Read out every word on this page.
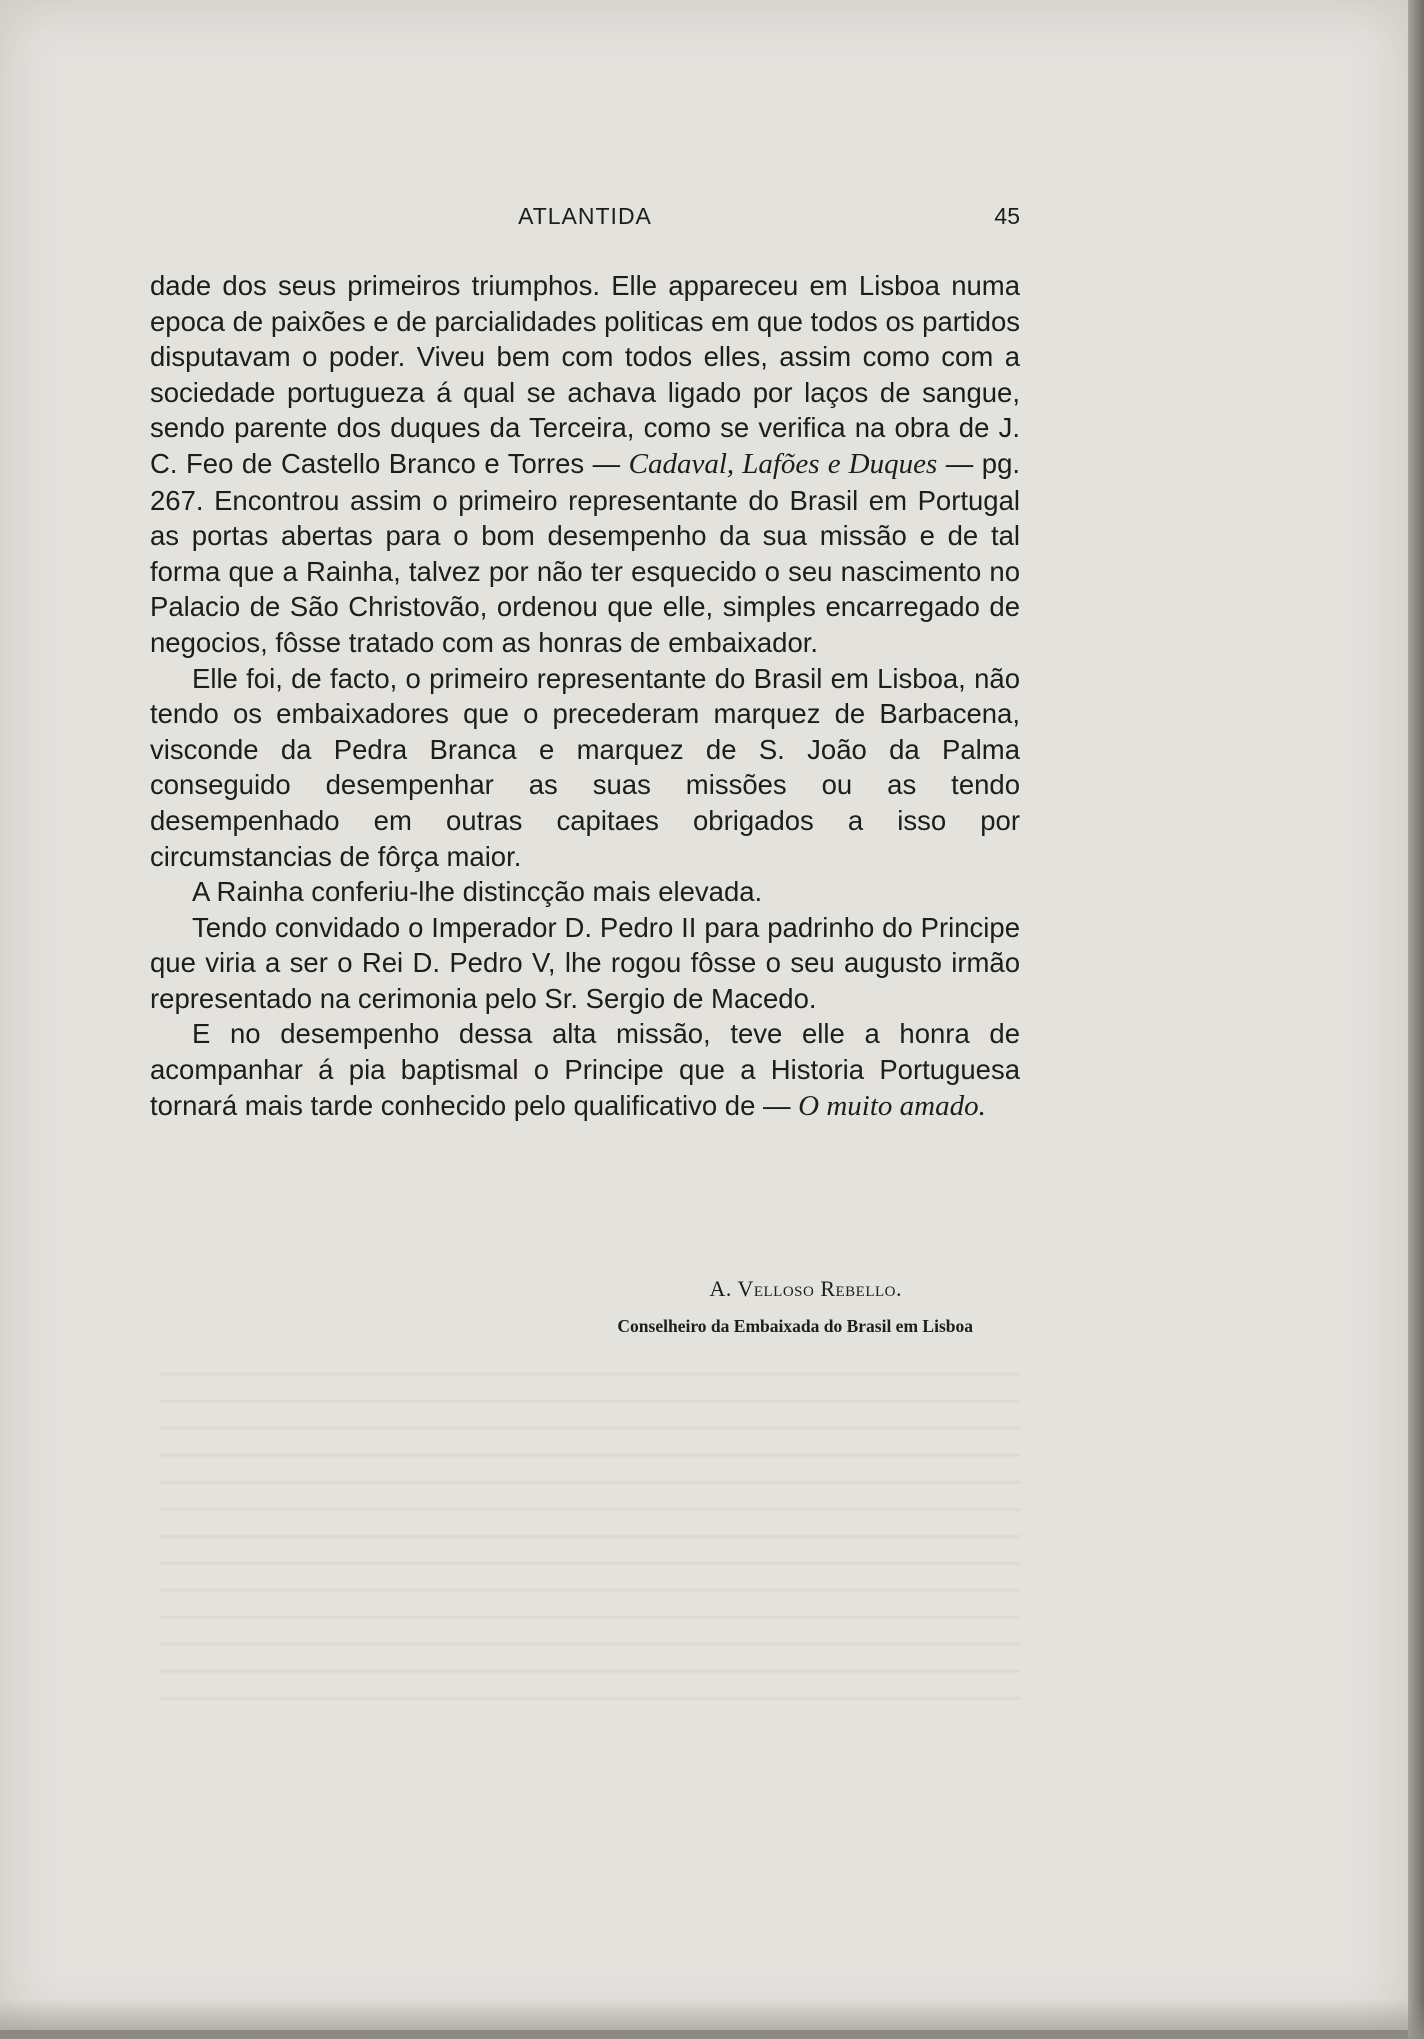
ATLANTIDA	45

dade dos seus primeiros triumphos. Elle appareceu em Lisboa numa epoca de paixões e de parcialidades politicas em que todos os partidos disputavam o poder. Viveu bem com todos elles, assim como com a sociedade portugueza á qual se achava ligado por laços de sangue, sendo parente dos duques da Terceira, como se verifica na obra de J. C. Feo de Castello Branco e Torres — Cadaval, Lafões e Duques — pg. 267. Encontrou assim o primeiro representante do Brasil em Portugal as portas abertas para o bom desempenho da sua missão e de tal forma que a Rainha, talvez por não ter esquecido o seu nascimento no Palacio de São Christovão, ordenou que elle, simples encarregado de negocios, fôsse tratado com as honras de embaixador.

Elle foi, de facto, o primeiro representante do Brasil em Lisboa, não tendo os embaixadores que o precederam marquez de Barbacena, visconde da Pedra Branca e marquez de S. João da Palma conseguido desempenhar as suas missões ou as tendo desempenhado em outras capitaes obrigados a isso por circumstancias de fôrça maior.

A Rainha conferiu-lhe distincção mais elevada.

Tendo convidado o Imperador D. Pedro II para padrinho do Principe que viria a ser o Rei D. Pedro V, lhe rogou fôsse o seu augusto irmão representado na cerimonia pelo Sr. Sergio de Macedo.

E no desempenho dessa alta missão, teve elle a honra de acompanhar á pia baptismal o Principe que a Historia Portuguesa tornará mais tarde conhecido pelo qualificativo de — O muito amado.

A. Velloso Rebello.
Conselheiro da Embaixada do Brasil em Lisboa
